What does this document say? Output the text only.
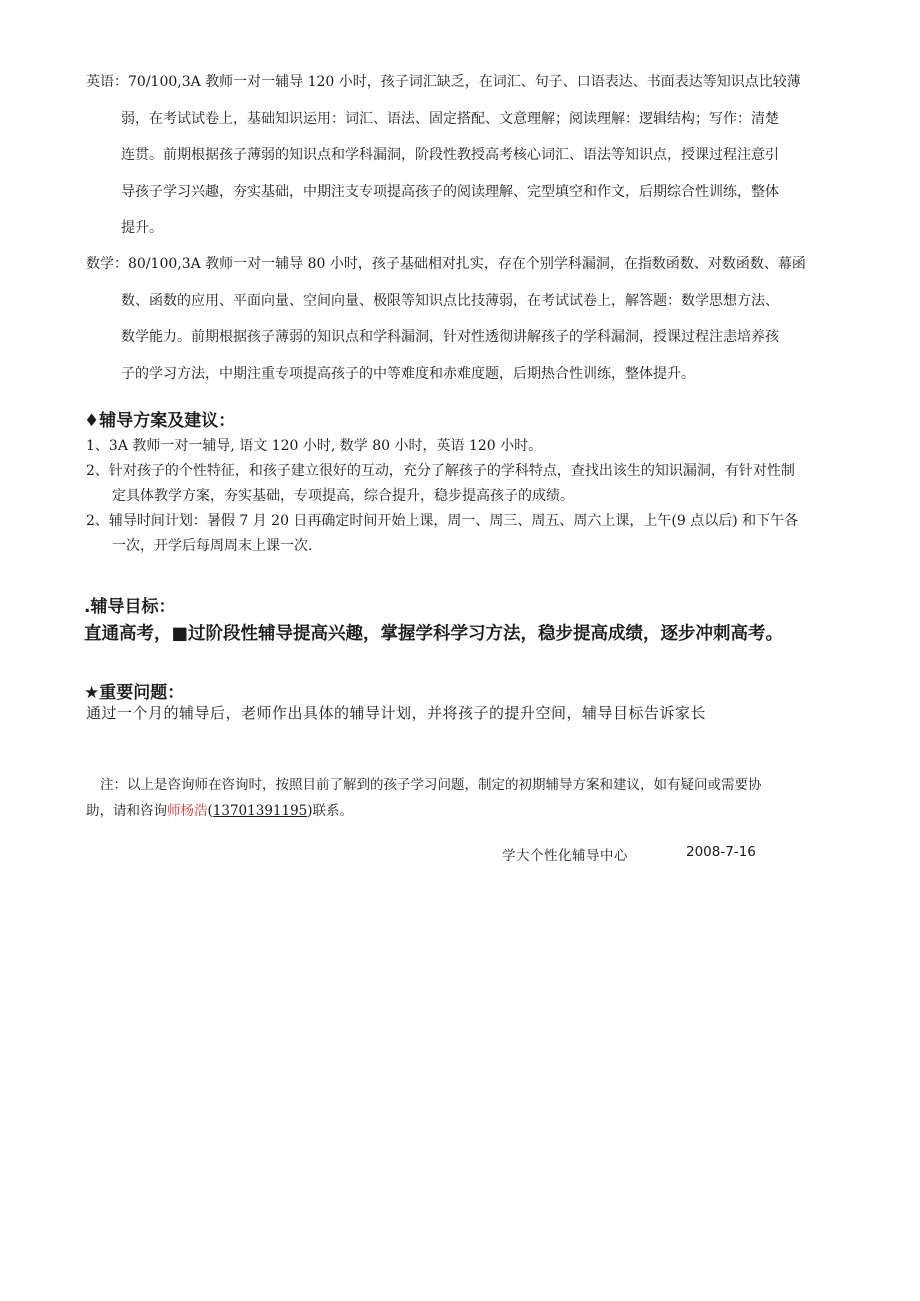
英语：70/100,3A 教师一对一辅导 120 小时，孩子词汇缺乏，在词汇、句子、口语表达、书面表达等知识点比较薄
弱，在考试试卷上，基础知识运用：词汇、语法、固定搭配、文意理解；阅读理解：逻辑结构；写作：清楚
连贯。前期根据孩子薄弱的知识点和学科漏洞，阶段性教授高考核心词汇、语法等知识点，授课过程注意引
导孩子学习兴趣，夯实基础，中期注支专项提高孩子的阅读理解、完型填空和作文，后期综合性训练，整体
提升。
数学：80/100,3A 教师一对一辅导 80 小时，孩子基础相对扎实，存在个别学科漏洞，在指数函数、对数函数、幕函
数、函数的应用、平面向量、空间向量、极限等知识点比技薄弱，在考试试卷上，解答题：数学思想方法、
数学能力。前期根据孩子薄弱的知识点和学科漏洞，针对性透彻讲解孩子的学科漏洞，授课过程注恚培养孩
子的学习方法，中期注重专项提高孩子的中等难度和赤难度题，后期热合性训练，整体提升。
♦辅导方案及建议：
1、3A 教师一对一辅导, 语文 120 小时, 数学 80 小时，英语 120 小时。
2、针对孩子的个性特征，和孩子建立很好的互动，充分了解孩子的学科特点，查找出该生的知识漏洞，有针对性制
定具体教学方案，夯实基础，专项提高，综合提升，稳步提高孩子的成绩。
2、辅导时间计划：暑假 7 月 20 日再确定时间开始上课，周一、周三、周五、周六上课，上午(9 点以后) 和下午各
一次，开学后每周周末上课一次.
.辅导目标：
直通高考，■过阶段性辅导提高兴趣，掌握学科学习方法，稳步提高成绩，逐步冲刺高考。
★重要问题：
通过一个月的辅导后，老师作出具体的辅导计划，并将孩子的提升空间，辅导目标告诉家长
注：以上是咨询师在咨询时，按照目前了解到的孩子学习问题，制定的初期辅导方案和建议，如有疑问或需要协
助，请和咨询师杨浩(13701391195)联系。
学大个性化辅导中心	2008-7-16
